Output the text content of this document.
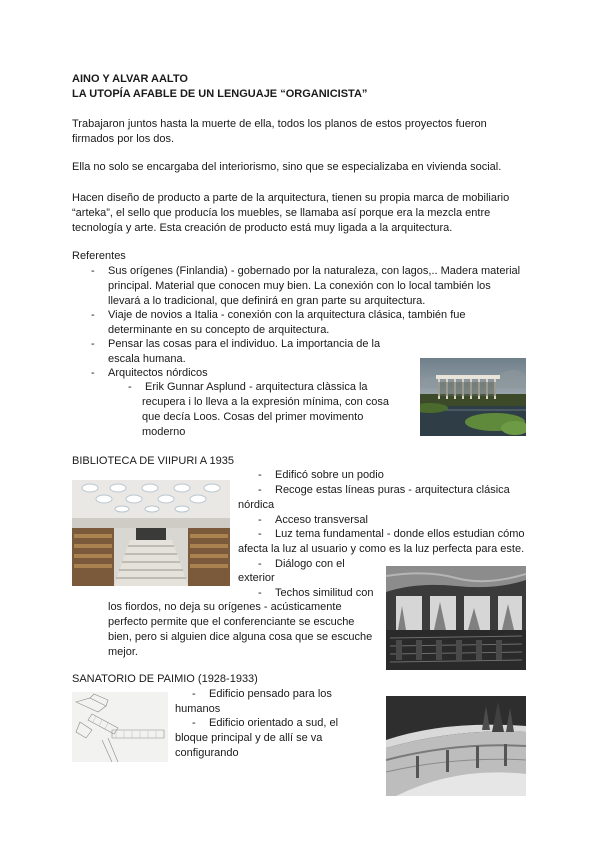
AINO Y ALVAR AALTO
LA UTOPÍA AFABLE DE UN LENGUAJE “ORGANICISTA”
Trabajaron juntos hasta la muerte de ella, todos los planos de estos proyectos fueron
firmados por los dos.
Ella no solo se encargaba del interiorismo, sino que se especializaba en vivienda social.
Hacen diseño de producto a parte de la arquitectura, tienen su propia marca de mobiliario
“arteka”, el sello que producía los muebles, se llamaba así porque era la mezcla entre
tecnología y arte. Esta creación de producto está muy ligada a la arquitectura.
Referentes
- Sus orígenes (Finlandia) - gobernado por la naturaleza, con lagos,.. Madera material
principal. Material que conocen muy bien. La conexión con lo local también los
llevará a lo tradicional, que definirá en gran parte su arquitectura.
- Viaje de novios a Italia - conexión con la arquitectura clásica, también fue
determinante en su concepto de arquitectura.
- Pensar las cosas para el individuo. La importancia de la
escala humana.
- Arquitectos nórdicos
- Erik Gunnar Asplund - arquitectura clàssica la
recupera i lo lleva a la expresión mínima, con cosa
que decía Loos. Cosas del primer movimento
moderno
BIBLIOTECA DE VIIPURI A 1935
- Edificó sobre un podio
- Recoge estas líneas puras - arquitectura clásica
nórdica
- Acceso transversal
- Luz tema fundamental - donde ellos estudian cómo
afecta la luz al usuario y como es la luz perfecta para este.
- Diálogo con el
exterior
- Techos similitud con
los fiordos, no deja su orígenes - acústicamente
perfecto permite que el conferenciante se escuche
bien, pero si alguien dice alguna cosa que se escuche
mejor.
SANATORIO DE PAIMIO (1928-1933)
- Edificio pensado para los
humanos
- Edificio orientado a sud, el
bloque principal y de allí se va
configurando
